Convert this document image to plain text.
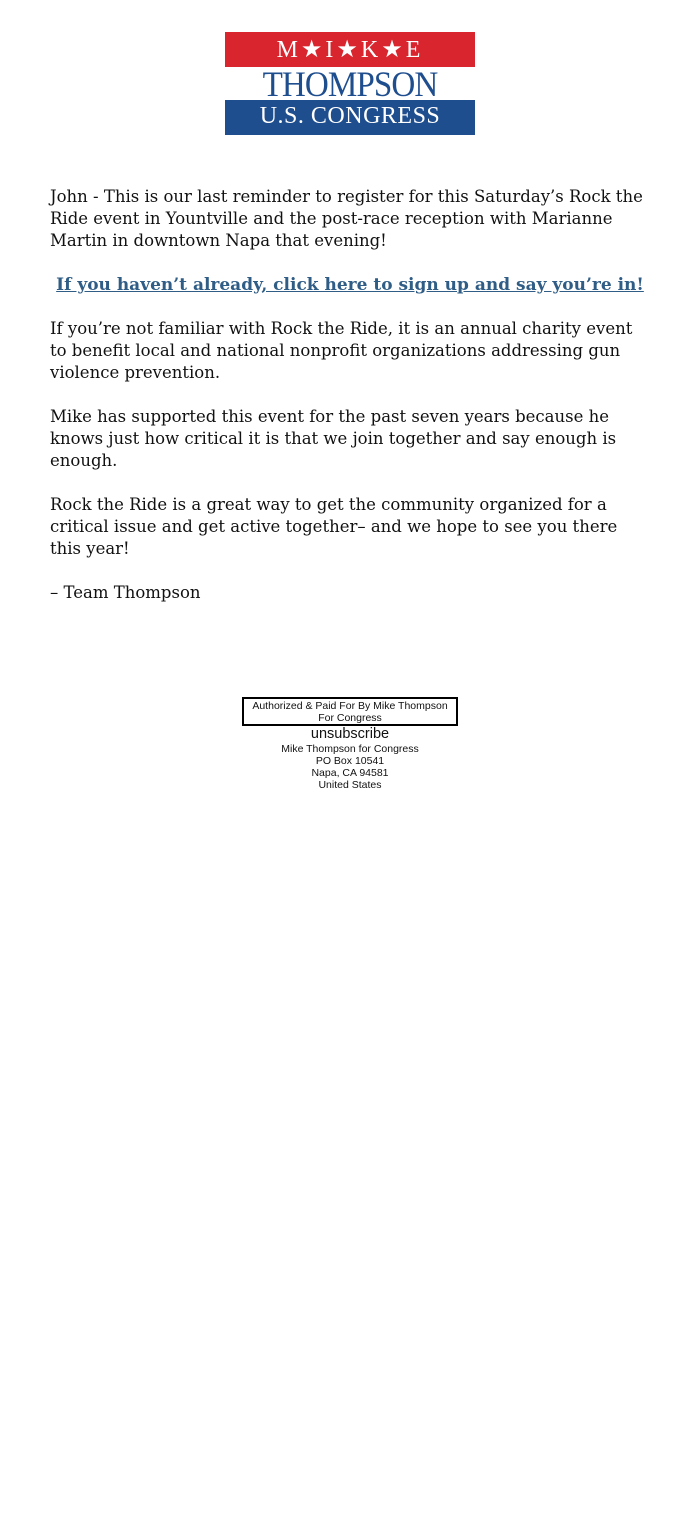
M★I★K★E
THOMPSON
U.S. CONGRESS

John - This is our last reminder to register for this Saturday’s Rock the Ride event in Yountville and the post-race reception with Marianne Martin in downtown Napa that evening!

If you haven’t already, click here to sign up and say you’re in!

If you’re not familiar with Rock the Ride, it is an annual charity event to benefit local and national nonprofit organizations addressing gun violence prevention.

Mike has supported this event for the past seven years because he knows just how critical it is that we join together and say enough is enough.

Rock the Ride is a great way to get the community organized for a critical issue and get active together– and we hope to see you there this year!

– Team Thompson

Authorized & Paid For By Mike Thompson For Congress
unsubscribe
Mike Thompson for Congress
PO Box 10541
Napa, CA 94581
United States
